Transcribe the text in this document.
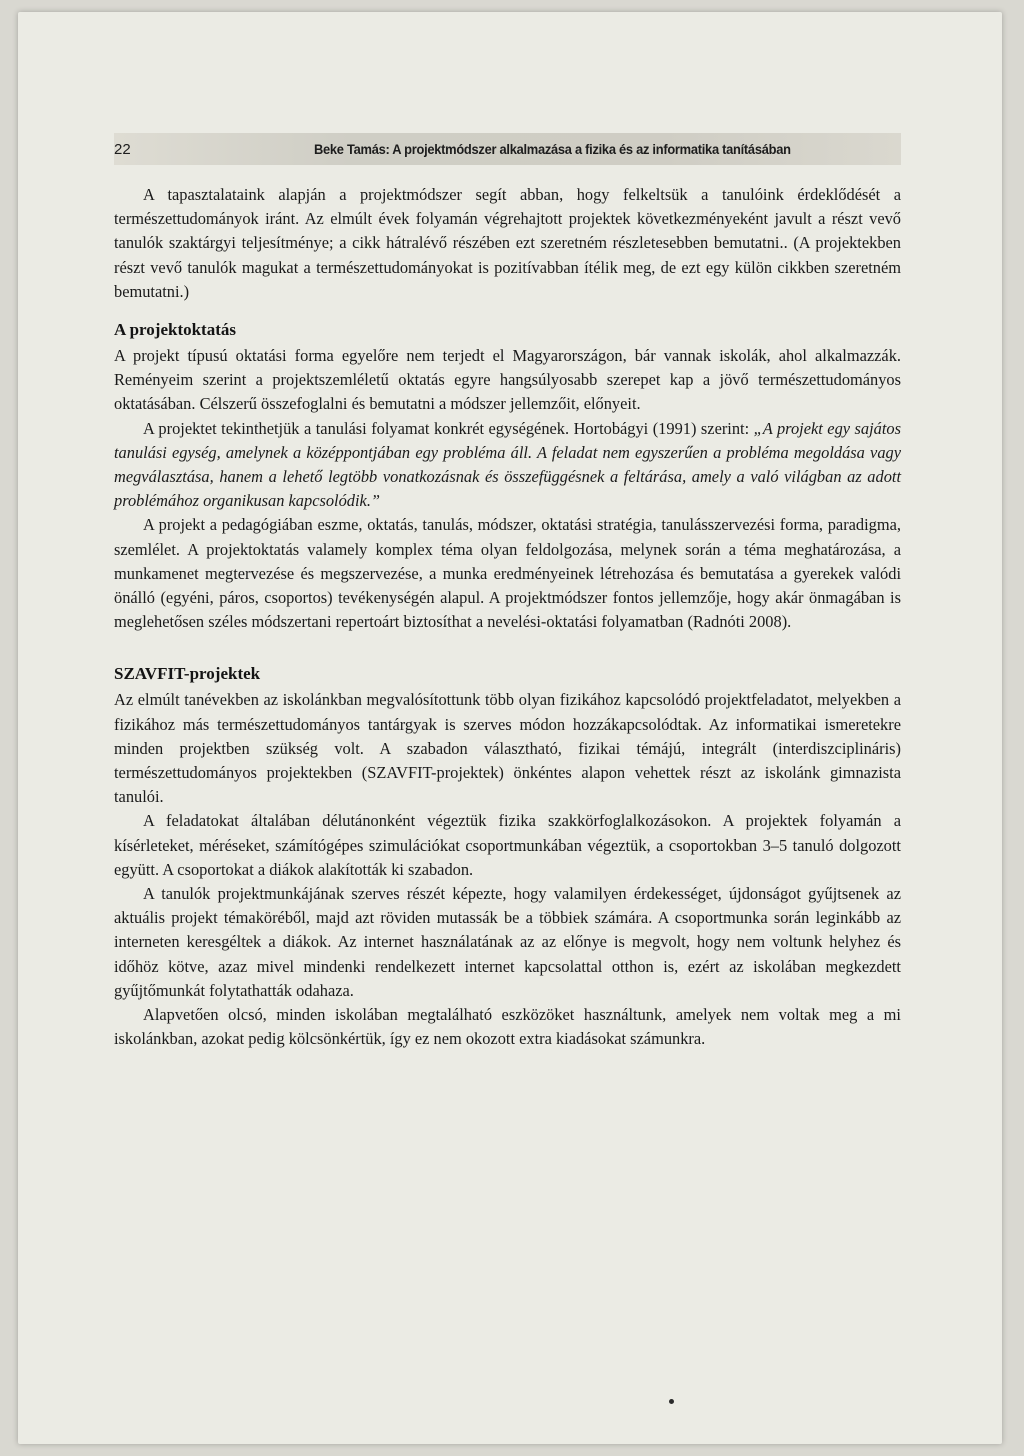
22	Beke Tamás: A projektmódszer alkalmazása a fizika és az informatika tanításában

A tapasztalataink alapján a projektmódszer segít abban, hogy felkeltsük a tanulóink érdeklődését a természettudományok iránt. Az elmúlt évek folyamán végrehajtott projektek következményeként javult a részt vevő tanulók szaktárgyi teljesítménye; a cikk hátralévő részében ezt szeretném részletesebben bemutatni.. (A projektekben részt vevő tanulók magukat a természettudományokat is pozitívabban ítélik meg, de ezt egy külön cikkben szeretném bemutatni.)

A projektoktatás

A projekt típusú oktatási forma egyelőre nem terjedt el Magyarországon, bár vannak iskolák, ahol alkalmazzák. Reményeim szerint a projektszemléletű oktatás egyre hangsúlyosabb szerepet kap a jövő természettudományos oktatásában. Célszerű összefoglalni és bemutatni a módszer jellemzőit, előnyeit.

A projektet tekinthetjük a tanulási folyamat konkrét egységének. Hortobágyi (1991) szerint: „A projekt egy sajátos tanulási egység, amelynek a középpontjában egy probléma áll. A feladat nem egyszerűen a probléma megoldása vagy megválasztása, hanem a lehető legtöbb vonatkozásnak és összefüggésnek a feltárása, amely a való világban az adott problémához organikusan kapcsolódik.”

A projekt a pedagógiában eszme, oktatás, tanulás, módszer, oktatási stratégia, tanulásszervezési forma, paradigma, szemlélet. A projektoktatás valamely komplex téma olyan feldolgozása, melynek során a téma meghatározása, a munkamenet megtervezése és megszervezése, a munka eredményeinek létrehozása és bemutatása a gyerekek valódi önálló (egyéni, páros, csoportos) tevékenységén alapul. A projektmódszer fontos jellemzője, hogy akár önmagában is meglehetősen széles módszertani repertoárt biztosíthat a nevelési-oktatási folyamatban (Radnóti 2008).

SZAVFIT-projektek

Az elmúlt tanévekben az iskolánkban megvalósítottunk több olyan fizikához kapcsolódó projektfeladatot, melyekben a fizikához más természettudományos tantárgyak is szerves módon hozzákapcsolódtak. Az informatikai ismeretekre minden projektben szükség volt. A szabadon választható, fizikai témájú, integrált (interdiszciplináris) természettudományos projektekben (SZAVFIT-projektek) önkéntes alapon vehettek részt az iskolánk gimnazista tanulói.

A feladatokat általában délutánonként végeztük fizika szakkörfoglalkozásokon. A projektek folyamán a kísérleteket, méréseket, számítógépes szimulációkat csoportmunkában végeztük, a csoportokban 3–5 tanuló dolgozott együtt. A csoportokat a diákok alakították ki szabadon.

A tanulók projektmunkájának szerves részét képezte, hogy valamilyen érdekességet, újdonságot gyűjtsenek az aktuális projekt témaköréből, majd azt röviden mutassák be a többiek számára. A csoportmunka során leginkább az interneten keresgéltek a diákok. Az internet használatának az az előnye is megvolt, hogy nem voltunk helyhez és időhöz kötve, azaz mivel mindenki rendelkezett internet kapcsolattal otthon is, ezért az iskolában megkezdett gyűjtőmunkát folytathatták odahaza.

Alapvetően olcsó, minden iskolában megtalálható eszközöket használtunk, amelyek nem voltak meg a mi iskolánkban, azokat pedig kölcsönkértük, így ez nem okozott extra kiadásokat számunkra.
